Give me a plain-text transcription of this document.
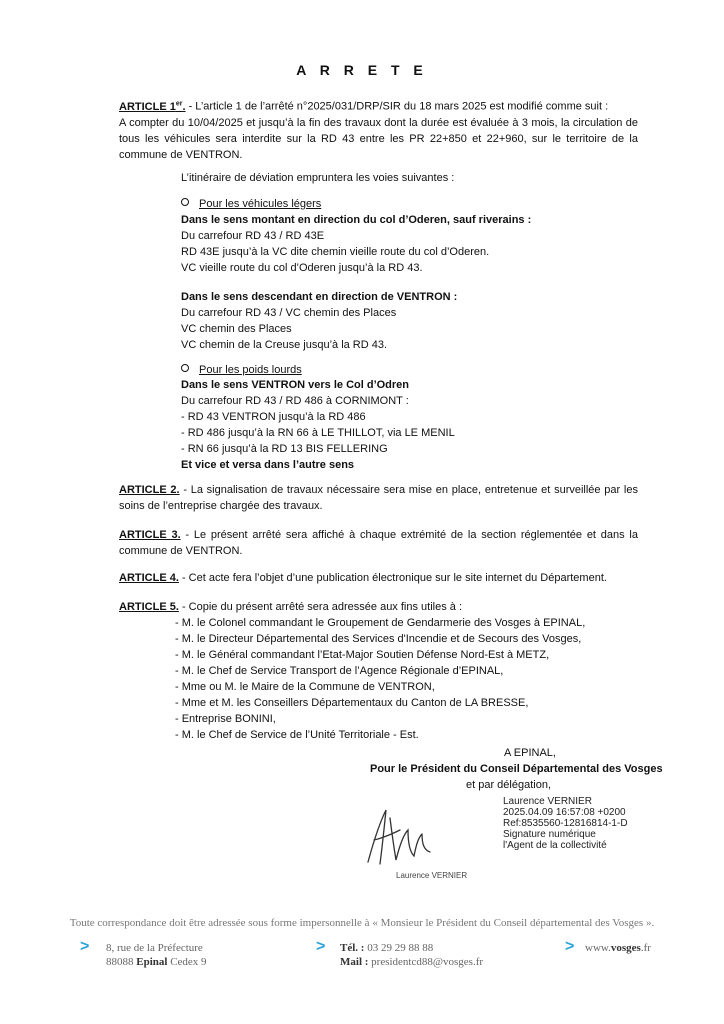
A R R E T E
ARTICLE 1er. - L’article 1 de l’arrêté n°2025/031/DRP/SIR du 18 mars 2025 est modifié comme suit :
A compter du 10/04/2025 et jusqu’à la fin des travaux dont la durée est évaluée à 3 mois, la circulation de tous les véhicules sera interdite sur la RD 43 entre les PR 22+850 et 22+960, sur le territoire de la commune de VENTRON.
L’itinéraire de déviation empruntera les voies suivantes :
Pour les véhicules légers
Dans le sens montant en direction du col d’Oderen, sauf riverains :
Du carrefour RD 43 / RD 43E
RD 43E jusqu’à la VC dite chemin vieille route du col d’Oderen.
VC vieille route du col d’Oderen jusqu’à la RD 43.
Dans le sens descendant en direction de VENTRON :
Du carrefour RD 43 / VC chemin des Places
VC chemin des Places
VC chemin de la Creuse jusqu’à la RD 43.
Pour les poids lourds
Dans le sens VENTRON vers le Col d’Odren
Du carrefour RD 43 / RD 486 à CORNIMONT :
- RD 43 VENTRON jusqu’à la RD 486
- RD 486 jusqu’à la RN 66 à LE THILLOT, via LE MENIL
- RN 66 jusqu’à la RD 13 BIS FELLERING
Et vice et versa dans l’autre sens
ARTICLE 2. - La signalisation de travaux nécessaire sera mise en place, entretenue et surveillée par les soins de l’entreprise chargée des travaux.
ARTICLE 3. - Le présent arrêté sera affiché à chaque extrémité de la section réglementée et dans la commune de VENTRON.
ARTICLE 4. - Cet acte fera l’objet d’une publication électronique sur le site internet du Département.
ARTICLE 5. - Copie du présent arrêté sera adressée aux fins utiles à :
- M. le Colonel commandant le Groupement de Gendarmerie des Vosges à EPINAL,
- M. le Directeur Départemental des Services d'Incendie et de Secours des Vosges,
- M. le Général commandant l’Etat-Major Soutien Défense Nord-Est à METZ,
- M. le Chef de Service Transport de l’Agence Régionale d’EPINAL,
- Mme ou M. le Maire de la Commune de VENTRON,
- Mme et M. les Conseillers Départementaux du Canton de LA BRESSE,
- Entreprise BONINI,
- M. le Chef de Service de l’Unité Territoriale - Est.
A EPINAL,
Pour le Président du Conseil Départemental des Vosges
et par délégation,
Laurence VERNIER
2025.04.09 16:57:08 +0200
Ref:8535560-12816814-1-D
Signature numérique
l'Agent de la collectivité
Laurence VERNIER
Toute correspondance doit être adressée sous forme impersonnelle à « Monsieur le Président du Conseil départemental des Vosges ».
> 8, rue de la Préfecture
88088 Epinal Cedex 9
> Tél. : 03 29 29 88 88
Mail : presidentcd88@vosges.fr
> www.vosges.fr
